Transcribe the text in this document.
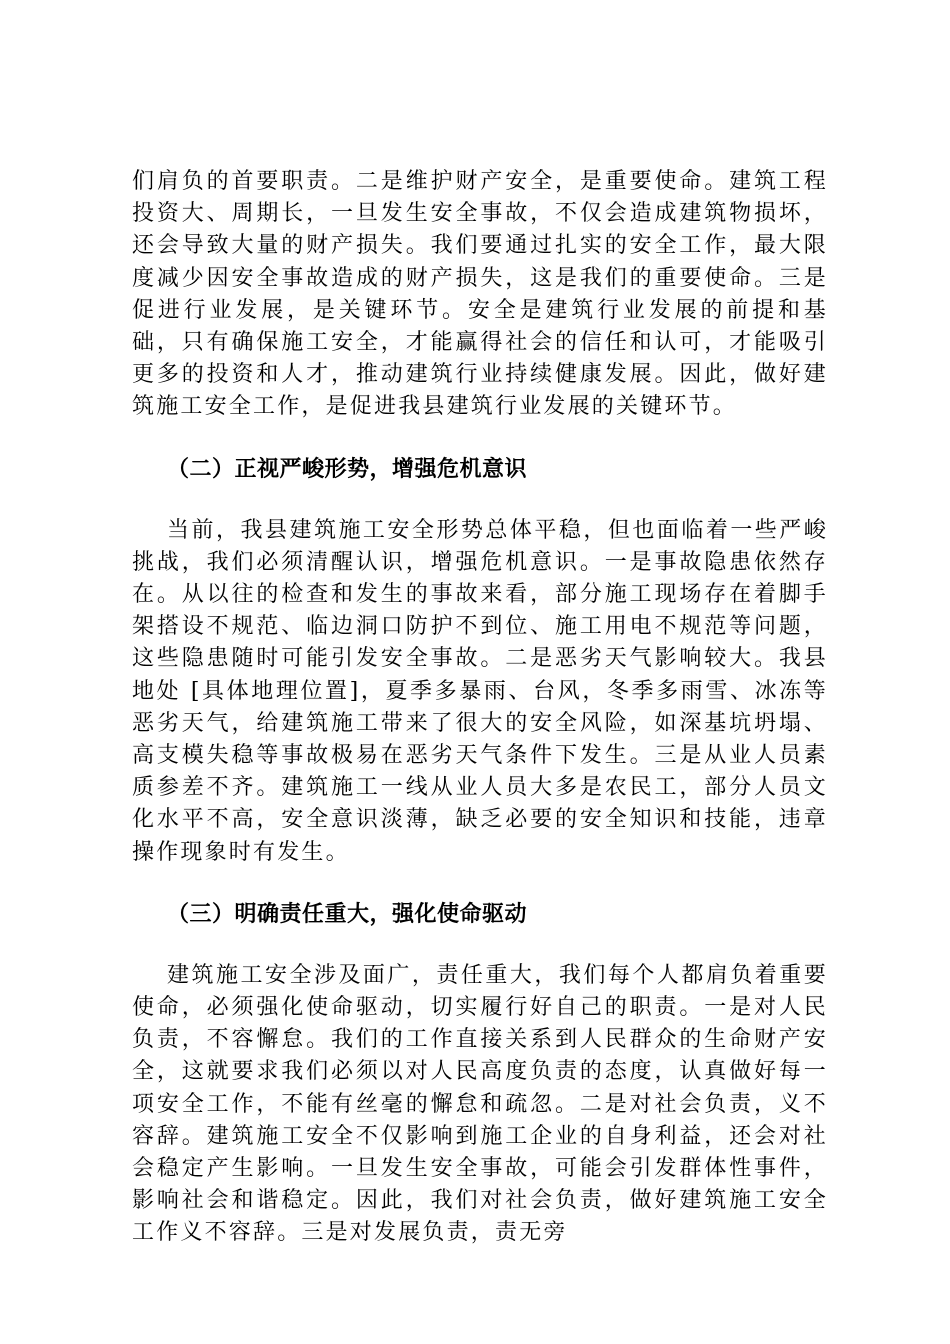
们肩负的首要职责。二是维护财产安全，是重要使命。建筑工程投资大、周期长，一旦发生安全事故，不仅会造成建筑物损坏，还会导致大量的财产损失。我们要通过扎实的安全工作，最大限度减少因安全事故造成的财产损失，这是我们的重要使命。三是促进行业发展，是关键环节。安全是建筑行业发展的前提和基础，只有确保施工安全，才能赢得社会的信任和认可，才能吸引更多的投资和人才，推动建筑行业持续健康发展。因此，做好建筑施工安全工作，是促进我县建筑行业发展的关键环节。

（二）正视严峻形势，增强危机意识

当前，我县建筑施工安全形势总体平稳，但也面临着一些严峻挑战，我们必须清醒认识，增强危机意识。一是事故隐患依然存在。从以往的检查和发生的事故来看，部分施工现场存在着脚手架搭设不规范、临边洞口防护不到位、施工用电不规范等问题，这些隐患随时可能引发安全事故。二是恶劣天气影响较大。我县地处 [具体地理位置]，夏季多暴雨、台风，冬季多雨雪、冰冻等恶劣天气，给建筑施工带来了很大的安全风险，如深基坑坍塌、高支模失稳等事故极易在恶劣天气条件下发生。三是从业人员素质参差不齐。建筑施工一线从业人员大多是农民工，部分人员文化水平不高，安全意识淡薄，缺乏必要的安全知识和技能，违章操作现象时有发生。

（三）明确责任重大，强化使命驱动

建筑施工安全涉及面广，责任重大，我们每个人都肩负着重要使命，必须强化使命驱动，切实履行好自己的职责。一是对人民负责，不容懈怠。我们的工作直接关系到人民群众的生命财产安全，这就要求我们必须以对人民高度负责的态度，认真做好每一项安全工作，不能有丝毫的懈怠和疏忽。二是对社会负责，义不容辞。建筑施工安全不仅影响到施工企业的自身利益，还会对社会稳定产生影响。一旦发生安全事故，可能会引发群体性事件，影响社会和谐稳定。因此，我们对社会负责，做好建筑施工安全工作义不容辞。三是对发展负责，责无旁
